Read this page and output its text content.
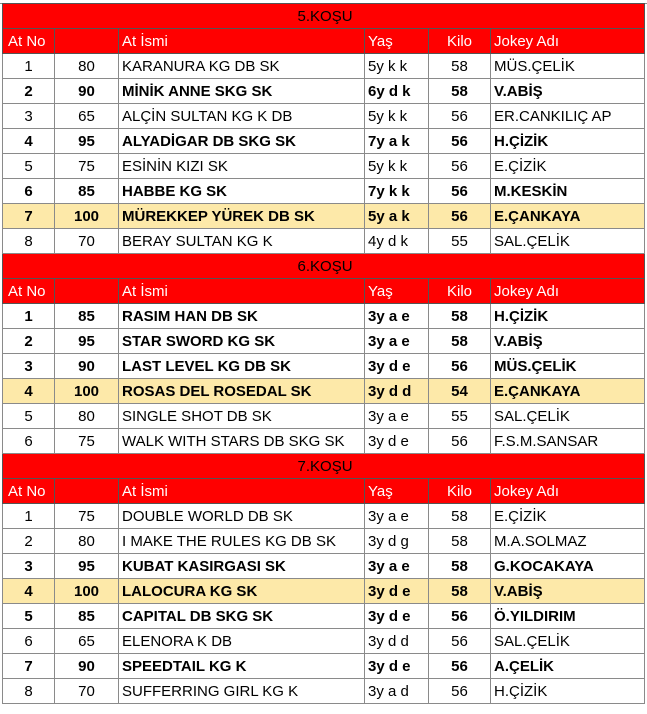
5.KOŞU					
At No		At İsmi	Yaş	Kilo	Jokey Adı
1	80	KARANURA KG DB SK	5y k k	58	MÜS.ÇELİK
2	90	MİNİK ANNE SKG SK	6y d k	58	V.ABİŞ
3	65	ALÇİN SULTAN KG K DB	5y k k	56	ER.CANKILIÇ AP
4	95	ALYADİGAR DB SKG SK	7y a k	56	H.ÇİZİK
5	75	ESİNİN KIZI SK	5y k k	56	E.ÇİZİK
6	85	HABBE KG SK	7y k k	56	M.KESKİN
7	100	MÜREKKEP YÜREK DB SK	5y a k	56	E.ÇANKAYA
8	70	BERAY SULTAN KG K	4y d k	55	SAL.ÇELİK
6.KOŞU					
At No		At İsmi	Yaş	Kilo	Jokey Adı
1	85	RASIM HAN DB SK	3y a e	58	H.ÇİZİK
2	95	STAR SWORD KG SK	3y a e	58	V.ABİŞ
3	90	LAST LEVEL KG DB SK	3y d e	56	MÜS.ÇELİK
4	100	ROSAS DEL ROSEDAL SK	3y d d	54	E.ÇANKAYA
5	80	SINGLE SHOT DB SK	3y a e	55	SAL.ÇELİK
6	75	WALK WITH STARS DB SKG SK	3y d e	56	F.S.M.SANSAR
7.KOŞU					
At No		At İsmi	Yaş	Kilo	Jokey Adı
1	75	DOUBLE WORLD DB SK	3y a e	58	E.ÇİZİK
2	80	I MAKE THE RULES KG DB SK	3y d g	58	M.A.SOLMAZ
3	95	KUBAT KASIRGASI SK	3y a e	58	G.KOCAKAYA
4	100	LALOCURA KG SK	3y d e	58	V.ABİŞ
5	85	CAPITAL DB SKG SK	3y d e	56	Ö.YILDIRIM
6	65	ELENORA K DB	3y d d	56	SAL.ÇELİK
7	90	SPEEDTAIL KG K	3y d e	56	A.ÇELİK
8	70	SUFFERRING GIRL KG K	3y a d	56	H.ÇİZİK
